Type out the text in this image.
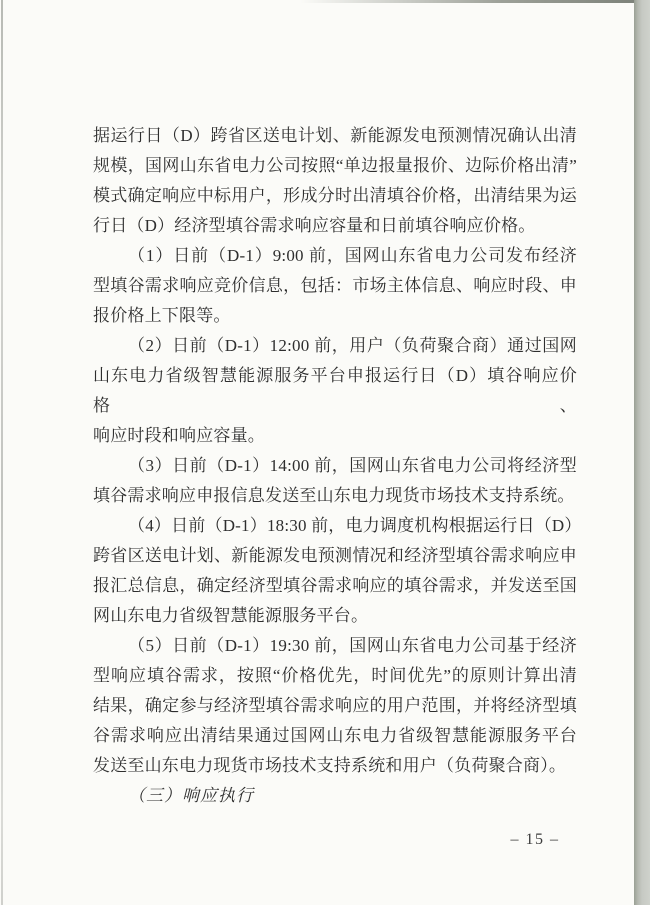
据运行日（D）跨省区送电计划、新能源发电预测情况确认出清
规模，国网山东省电力公司按照“单边报量报价、边际价格出清”
模式确定响应中标用户，形成分时出清填谷价格，出清结果为运
行日（D）经济型填谷需求响应容量和日前填谷响应价格。
（1）日前（D-1）9:00 前，国网山东省电力公司发布经济
型填谷需求响应竞价信息，包括：市场主体信息、响应时段、申
报价格上下限等。
（2）日前（D-1）12:00 前，用户（负荷聚合商）通过国网
山东电力省级智慧能源服务平台申报运行日（D）填谷响应价格、
响应时段和响应容量。
（3）日前（D-1）14:00 前，国网山东省电力公司将经济型
填谷需求响应申报信息发送至山东电力现货市场技术支持系统。
（4）日前（D-1）18:30 前，电力调度机构根据运行日（D）
跨省区送电计划、新能源发电预测情况和经济型填谷需求响应申
报汇总信息，确定经济型填谷需求响应的填谷需求，并发送至国
网山东电力省级智慧能源服务平台。
（5）日前（D-1）19:30 前，国网山东省电力公司基于经济
型响应填谷需求，按照“价格优先，时间优先”的原则计算出清
结果，确定参与经济型填谷需求响应的用户范围，并将经济型填
谷需求响应出清结果通过国网山东电力省级智慧能源服务平台
发送至山东电力现货市场技术支持系统和用户（负荷聚合商）。
（三）响应执行
– 15 –
